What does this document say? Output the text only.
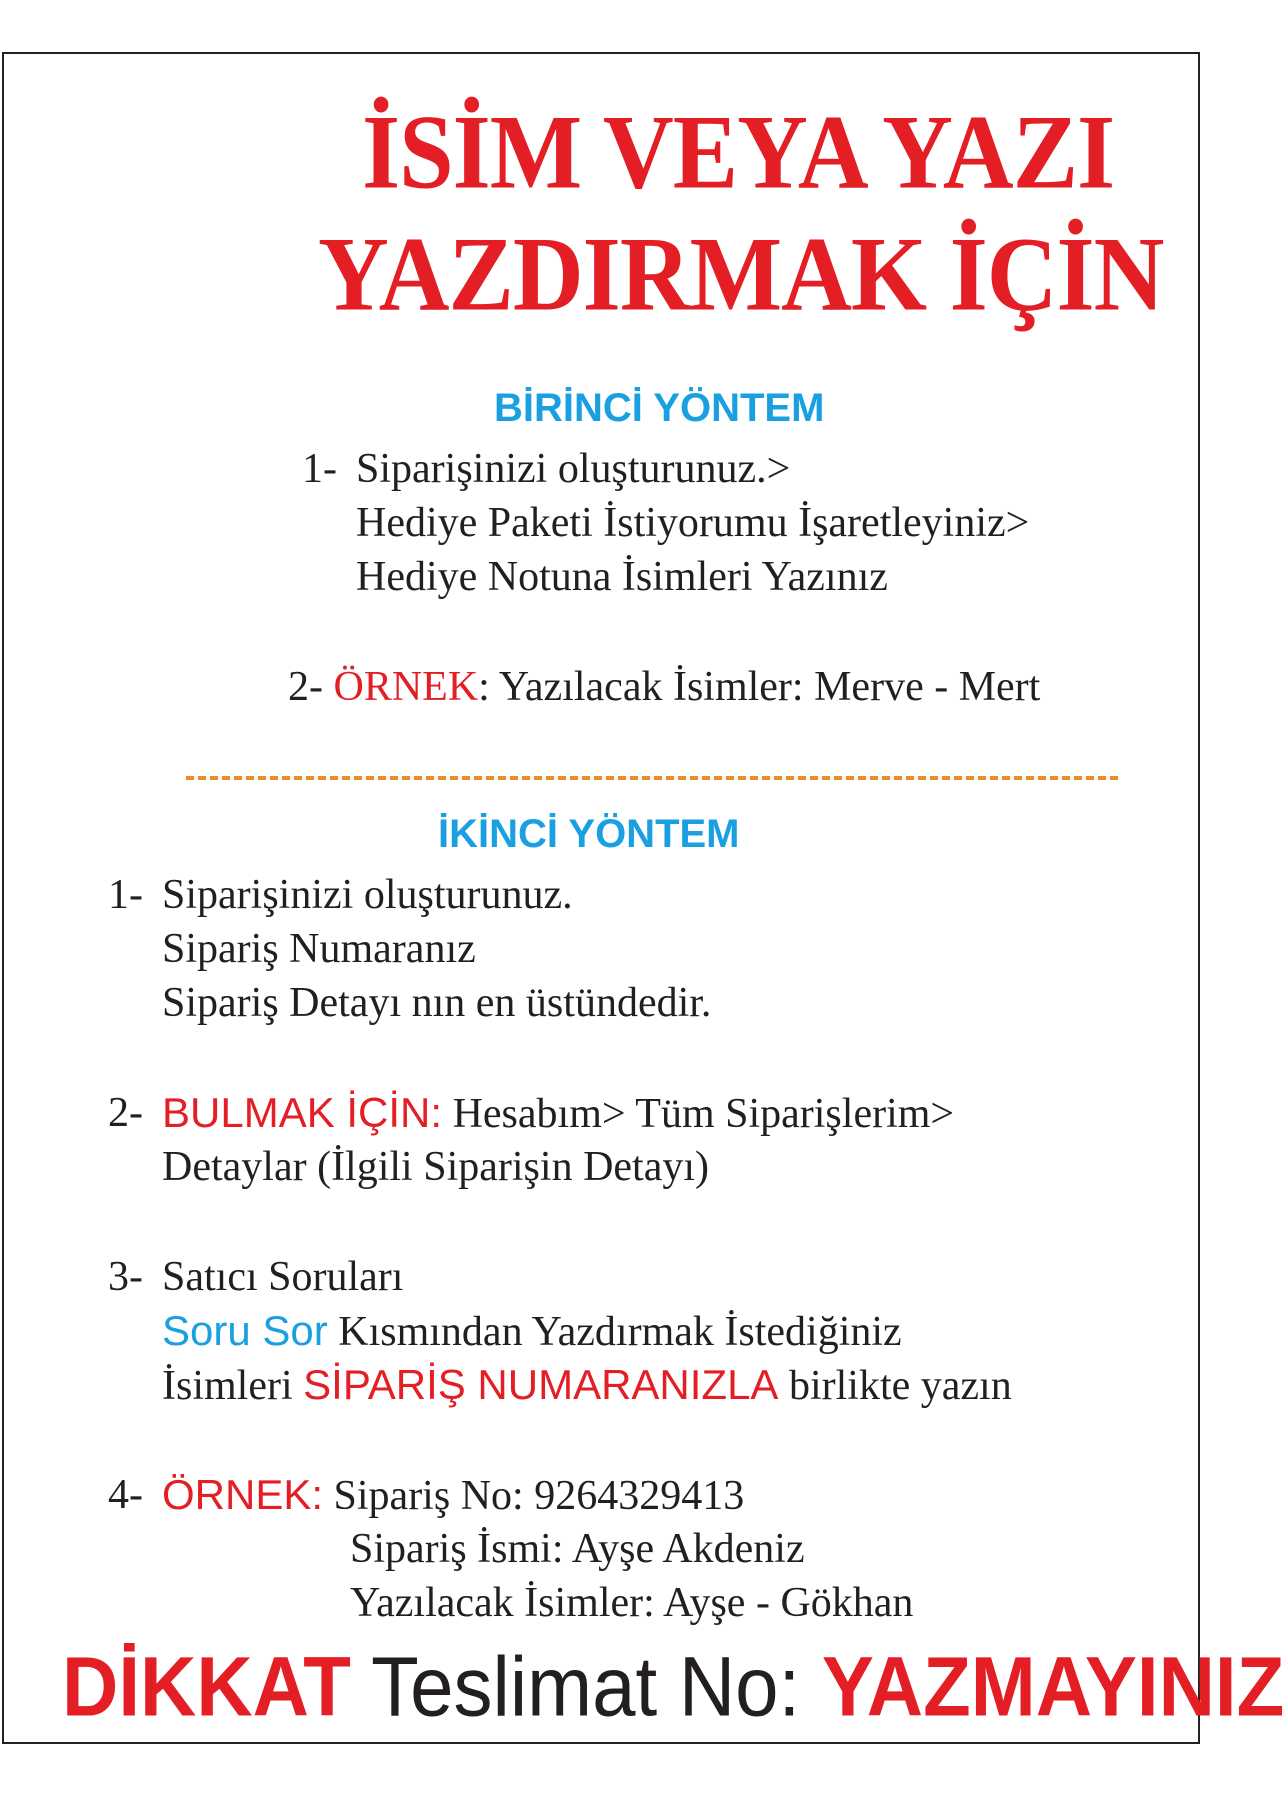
İSİM VEYA YAZI
YAZDIRMAK İÇİN
BİRİNCİ YÖNTEM
1- Siparişinizi oluşturunuz.>
Hediye Paketi İstiyorumu İşaretleyiniz>
Hediye Notuna İsimleri Yazınız
2- ÖRNEK: Yazılacak İsimler: Merve - Mert
İKİNCİ YÖNTEM
1- Siparişinizi oluşturunuz.
Sipariş Numaranız
Sipariş Detayı nın en üstündedir.
2- BULMAK İÇİN: Hesabım> Tüm Siparişlerim>
Detaylar (İlgili Siparişin Detayı)
3- Satıcı Soruları
Soru Sor Kısmından Yazdırmak İstediğiniz
İsimleri SİPARİŞ NUMARANIZLA birlikte yazın
4- ÖRNEK: Sipariş No: 9264329413
Sipariş İsmi: Ayşe Akdeniz
Yazılacak İsimler: Ayşe - Gökhan
DİKKAT Teslimat No: YAZMAYINIZ
